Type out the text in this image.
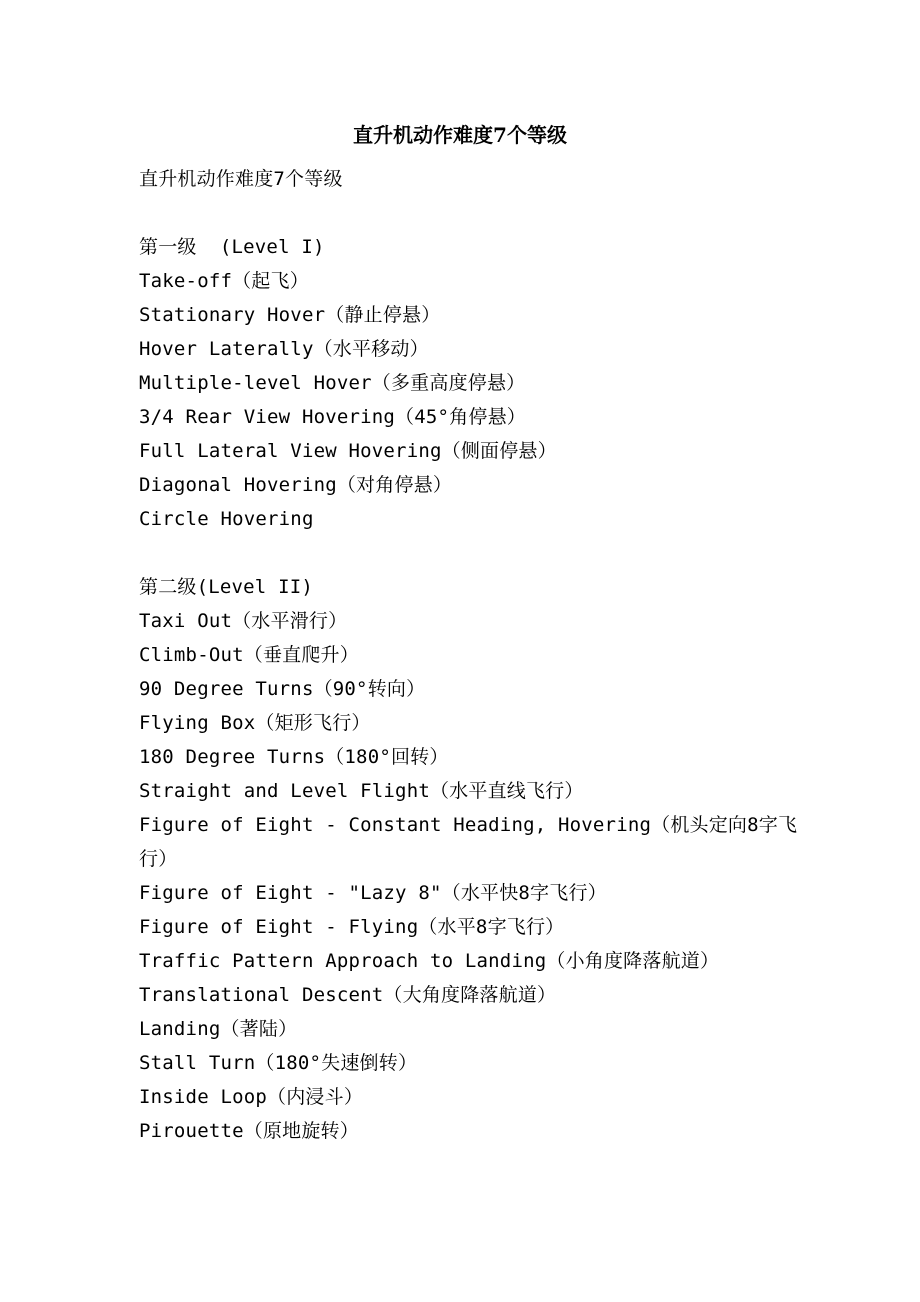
直升机动作难度7个等级
直升机动作难度7个等级
第一级  (Level I)
Take-off（起飞）
Stationary Hover（静止停悬）
Hover Laterally（水平移动）
Multiple-level Hover（多重高度停悬）
3/4 Rear View Hovering（45°角停悬）
Full Lateral View Hovering（侧面停悬）
Diagonal Hovering（对角停悬）
Circle Hovering
第二级(Level II)
Taxi Out（水平滑行）
Climb-Out（垂直爬升）
90 Degree Turns（90°转向）
Flying Box（矩形飞行）
180 Degree Turns（180°回转）
Straight and Level Flight（水平直线飞行）
Figure of Eight - Constant Heading, Hovering（机头定向8字飞行）
Figure of Eight - "Lazy 8"（水平快8字飞行）
Figure of Eight - Flying（水平8字飞行）
Traffic Pattern Approach to Landing（小角度降落航道）
Translational Descent（大角度降落航道）
Landing（著陆）
Stall Turn（180°失速倒转）
Inside Loop（内浸斗）
Pirouette（原地旋转）
